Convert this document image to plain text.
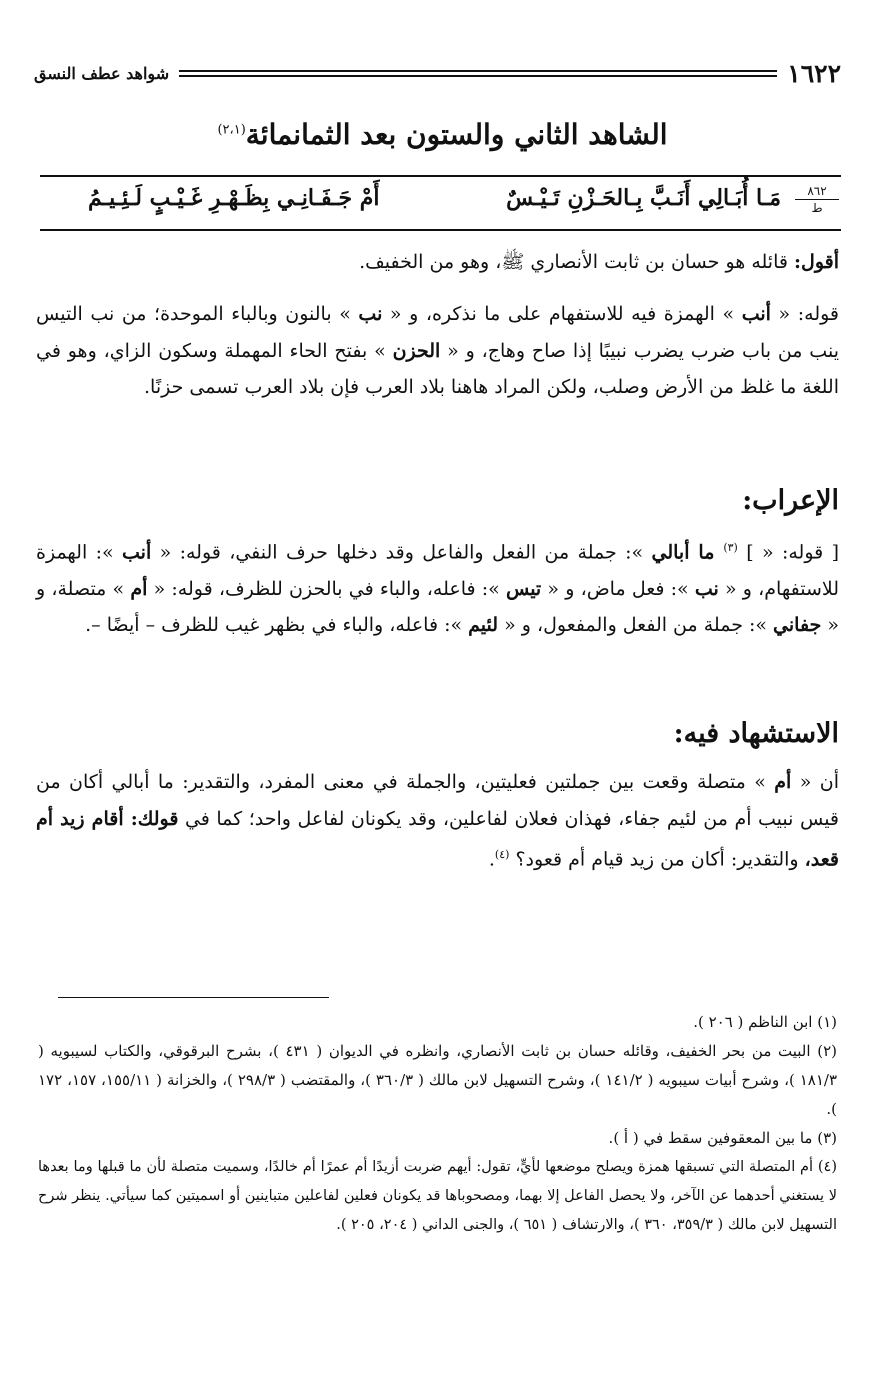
١٦٢٢
شواهد عطف النسق
الشاهد الثاني والستون بعد الثمانمائة$^{(٢،١)}$
٨٦٢
ط
مَـا أُبَـالِي أَنَـبَّ بِـالحَـزْنِ تَـيْـسٌ
أَمْ جَـفَـانِـي بِظَـهْـرِ غَـيْـبٍ لَـئِـيـمُ

أقول: قائله هو حسان بن ثابت الأنصاري ﷺ، وهو من الخفيف.

قوله: « أنب » الهمزة فيه للاستفهام على ما نذكره، و « نب » بالنون وبالباء الموحدة؛ من نب التيس ينب من باب ضرب يضرب نبيبًا إذا صاح وهاج، و « الحزن » بفتح الحاء المهملة وسكون الزاي، وهو في اللغة ما غلظ من الأرض وصلب، ولكن المراد هاهنا بلاد العرب فإن بلاد العرب تسمى حزنًا.

الإعراب:

[ قوله: « ] $^{(٣)}$ ما أبالي »: جملة من الفعل والفاعل وقد دخلها حرف النفي، قوله: « أنب »: الهمزة للاستفهام، و « نب »: فعل ماض، و « تيس »: فاعله، والباء في بالحزن للظرف، قوله: « أم » متصلة، و « جفاني »: جملة من الفعل والمفعول، و « لئيم »: فاعله، والباء في بظهر غيب للظرف – أيضًا –.

الاستشهاد فيه:

أن « أم » متصلة وقعت بين جملتين فعليتين، والجملة في معنى المفرد، والتقدير: ما أبالي أكان من قيس نبيب أم من لئيم جفاء، فهذان فعلان لفاعلين، وقد يكونان لفاعل واحد؛ كما في قولك: أقام زيد أم قعد، والتقدير: أكان من زيد قيام أم قعود؟ $^{(٤)}$.

(١) ابن الناظم ( ٢٠٦ ).

(٢) البيت من بحر الخفيف، وقائله حسان بن ثابت الأنصاري، وانظره في الديوان ( ٤٣١ )، بشرح البرقوقي، والكتاب لسيبويه ( ١٨١/٣ )، وشرح أبيات سيبويه ( ١٤١/٢ )، وشرح التسهيل لابن مالك ( ٣٦٠/٣ )، والمقتضب ( ٢٩٨/٣ )، والخزانة ( ١٥٥/١١، ١٥٧، ١٧٢ ).

(٣) ما بين المعقوفين سقط في ( أ ).

(٤) أم المتصلة التي تسبقها همزة ويصلح موضعها لأيٍّ، تقول: أيهم ضربت أزيدًا أم عمرًا أم خالدًا، وسميت متصلة لأن ما قبلها وما بعدها لا يستغني أحدهما عن الآخر، ولا يحصل الفاعل إلا بهما، ومصحوباها قد يكونان فعلين لفاعلين متباينين أو اسميتين كما سيأتي. ينظر شرح التسهيل لابن مالك ( ٣٥٩/٣، ٣٦٠ )، والارتشاف ( ٦٥١ )، والجنى الداني ( ٢٠٤، ٢٠٥ ).
